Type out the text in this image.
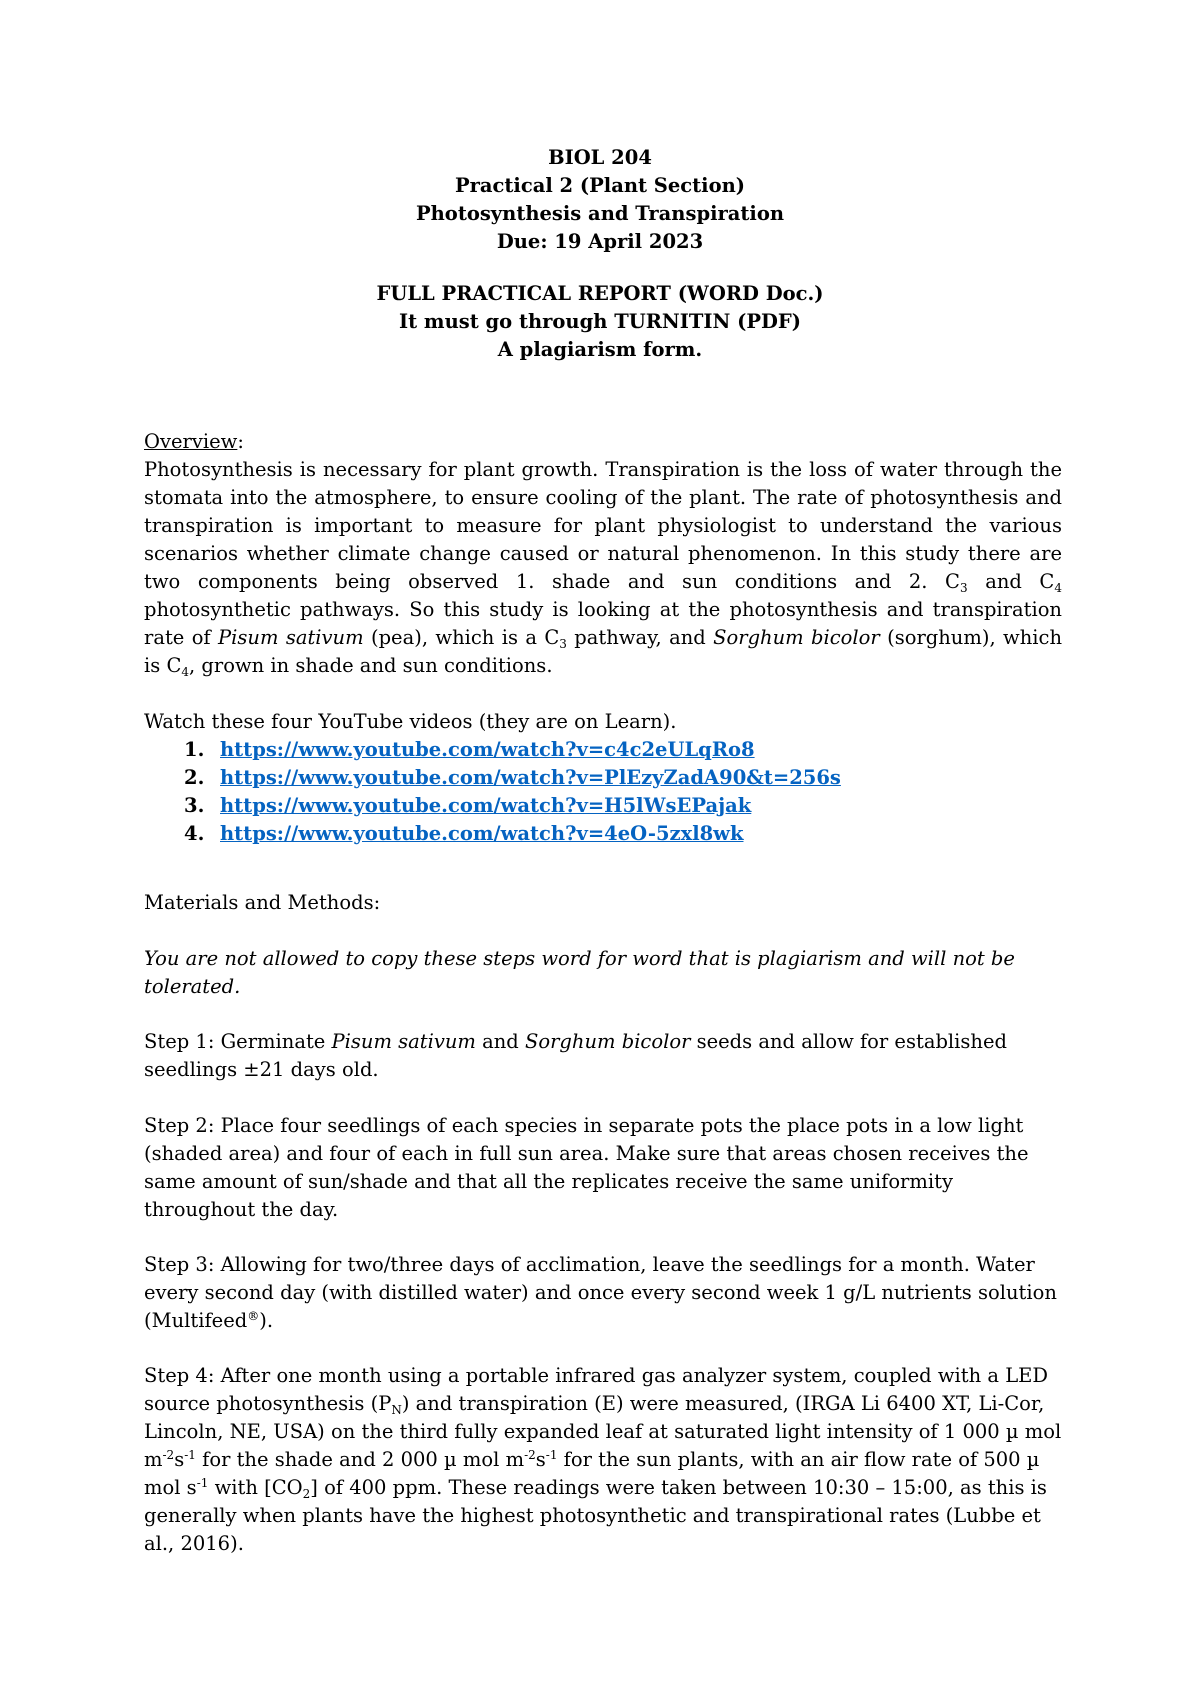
BIOL 204
Practical 2 (Plant Section)
Photosynthesis and Transpiration
Due: 19 April 2023
FULL PRACTICAL REPORT (WORD Doc.)
It must go through TURNITIN (PDF)
A plagiarism form.
Overview:
Photosynthesis is necessary for plant growth. Transpiration is the loss of water through the stomata into the atmosphere, to ensure cooling of the plant. The rate of photosynthesis and transpiration is important to measure for plant physiologist to understand the various scenarios whether climate change caused or natural phenomenon. In this study there are two components being observed 1. shade and sun conditions and 2. $C_3$ and $C_4$ photosynthetic pathways. So this study is looking at the photosynthesis and transpiration rate of Pisum sativum (pea), which is a $C_3$ pathway, and Sorghum bicolor (sorghum), which is $C_4$, grown in shade and sun conditions.
Watch these four YouTube videos (they are on Learn).
1. https://www.youtube.com/watch?v=c4c2eULqRo8
2. https://www.youtube.com/watch?v=PlEzyZadA90&t=256s
3. https://www.youtube.com/watch?v=H5lWsEPajak
4. https://www.youtube.com/watch?v=4eO-5zxl8wk
Materials and Methods:
You are not allowed to copy these steps word for word that is plagiarism and will not be tolerated.
Step 1: Germinate Pisum sativum and Sorghum bicolor seeds and allow for established seedlings ±21 days old.
Step 2: Place four seedlings of each species in separate pots the place pots in a low light (shaded area) and four of each in full sun area. Make sure that areas chosen receives the same amount of sun/shade and that all the replicates receive the same uniformity throughout the day.
Step 3: Allowing for two/three days of acclimation, leave the seedlings for a month. Water every second day (with distilled water) and once every second week 1 g/L nutrients solution (Multifeed®).
Step 4: After one month using a portable infrared gas analyzer system, coupled with a LED source photosynthesis $(P_N)$ and transpiration (E) were measured, (IRGA Li 6400 XT, Li-Cor, Lincoln, NE, USA) on the third fully expanded leaf at saturated light intensity of 1 000 µ mol $m^{-2}s^{-1}$ for the shade and 2 000 µ mol $m^{-2}s^{-1}$ for the sun plants, with an air flow rate of 500 µ mol $s^{-1}$ with $[CO_2]$ of 400 ppm. These readings were taken between 10:30 – 15:00, as this is generally when plants have the highest photosynthetic and transpirational rates (Lubbe et al., 2016).
